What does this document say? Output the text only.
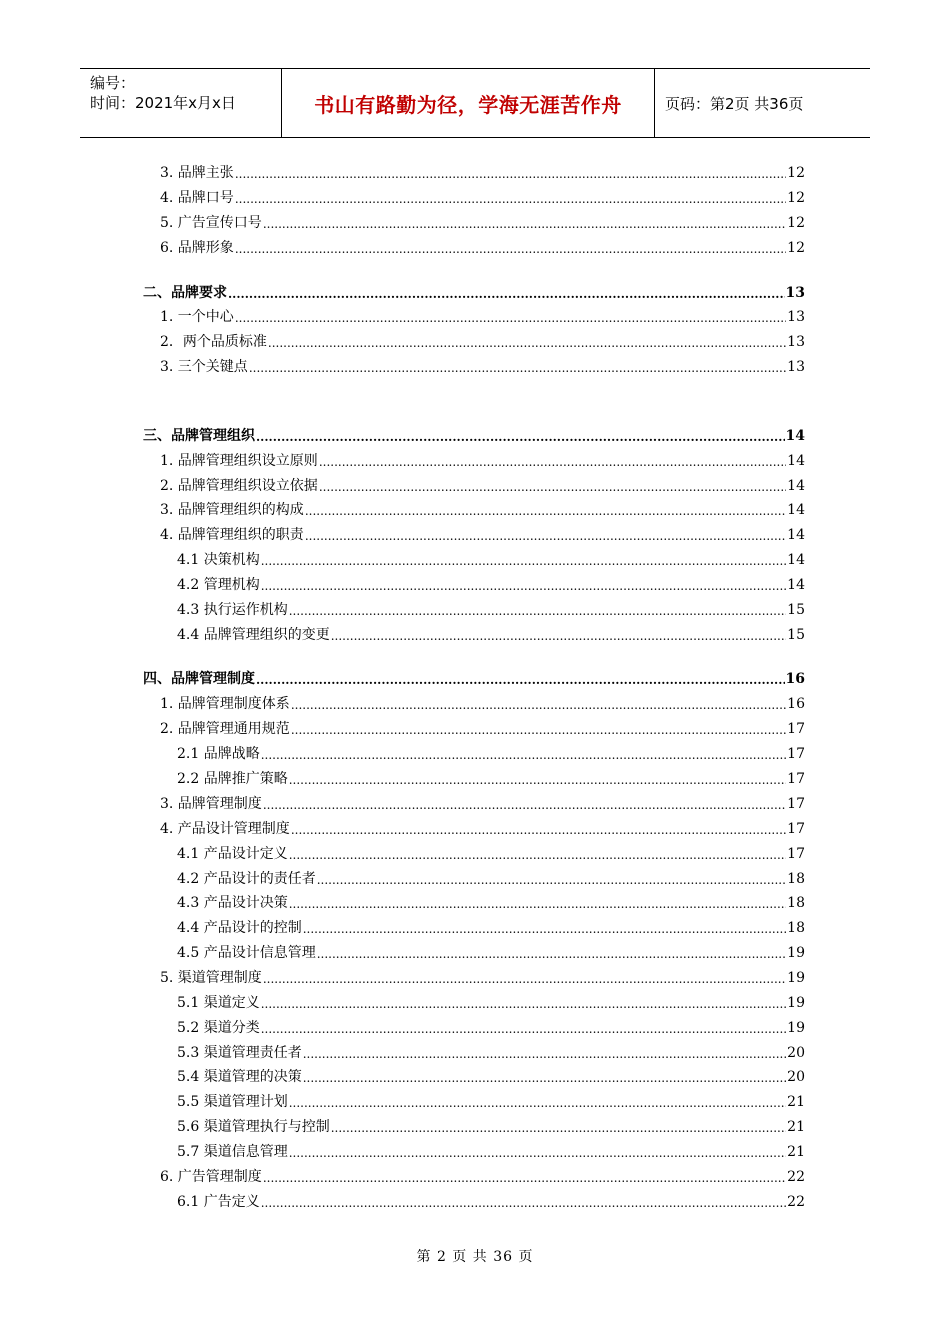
编号：
时间：2021年x月x日	书山有路勤为径，学海无涯苦作舟	页码：第2页 共36页
3. 品牌主张 .....	12
4. 品牌口号 .....	12
5. 广告宣传口号 .....	12
6. 品牌形象 .....	12
二、品牌要求 .....	13
1. 一个中心 .....	13
2．两个品质标准 .....	13
3. 三个关键点 .....	13
三、品牌管理组织 .....	14
1. 品牌管理组织设立原则 .....	14
2. 品牌管理组织设立依据 .....	14
3. 品牌管理组织的构成 .....	14
4. 品牌管理组织的职责 .....	14
4.1 决策机构 .....	14
4.2 管理机构 .....	14
4.3 执行运作机构 .....	15
4.4 品牌管理组织的变更 .....	15
四、品牌管理制度 .....	16
1. 品牌管理制度体系 .....	16
2. 品牌管理通用规范 .....	17
2.1 品牌战略 .....	17
2.2 品牌推广策略 .....	17
3. 品牌管理制度 .....	17
4. 产品设计管理制度 .....	17
4.1 产品设计定义 .....	17
4.2 产品设计的责任者 .....	18
4.3 产品设计决策 .....	18
4.4 产品设计的控制 .....	18
4.5 产品设计信息管理 .....	19
5. 渠道管理制度 .....	19
5.1 渠道定义 .....	19
5.2 渠道分类 .....	19
5.3 渠道管理责任者 .....	20
5.4 渠道管理的决策 .....	20
5.5 渠道管理计划 .....	21
5.6 渠道管理执行与控制 .....	21
5.7 渠道信息管理 .....	21
6. 广告管理制度 .....	22
6.1 广告定义 .....	22
第 2 页 共 36 页
